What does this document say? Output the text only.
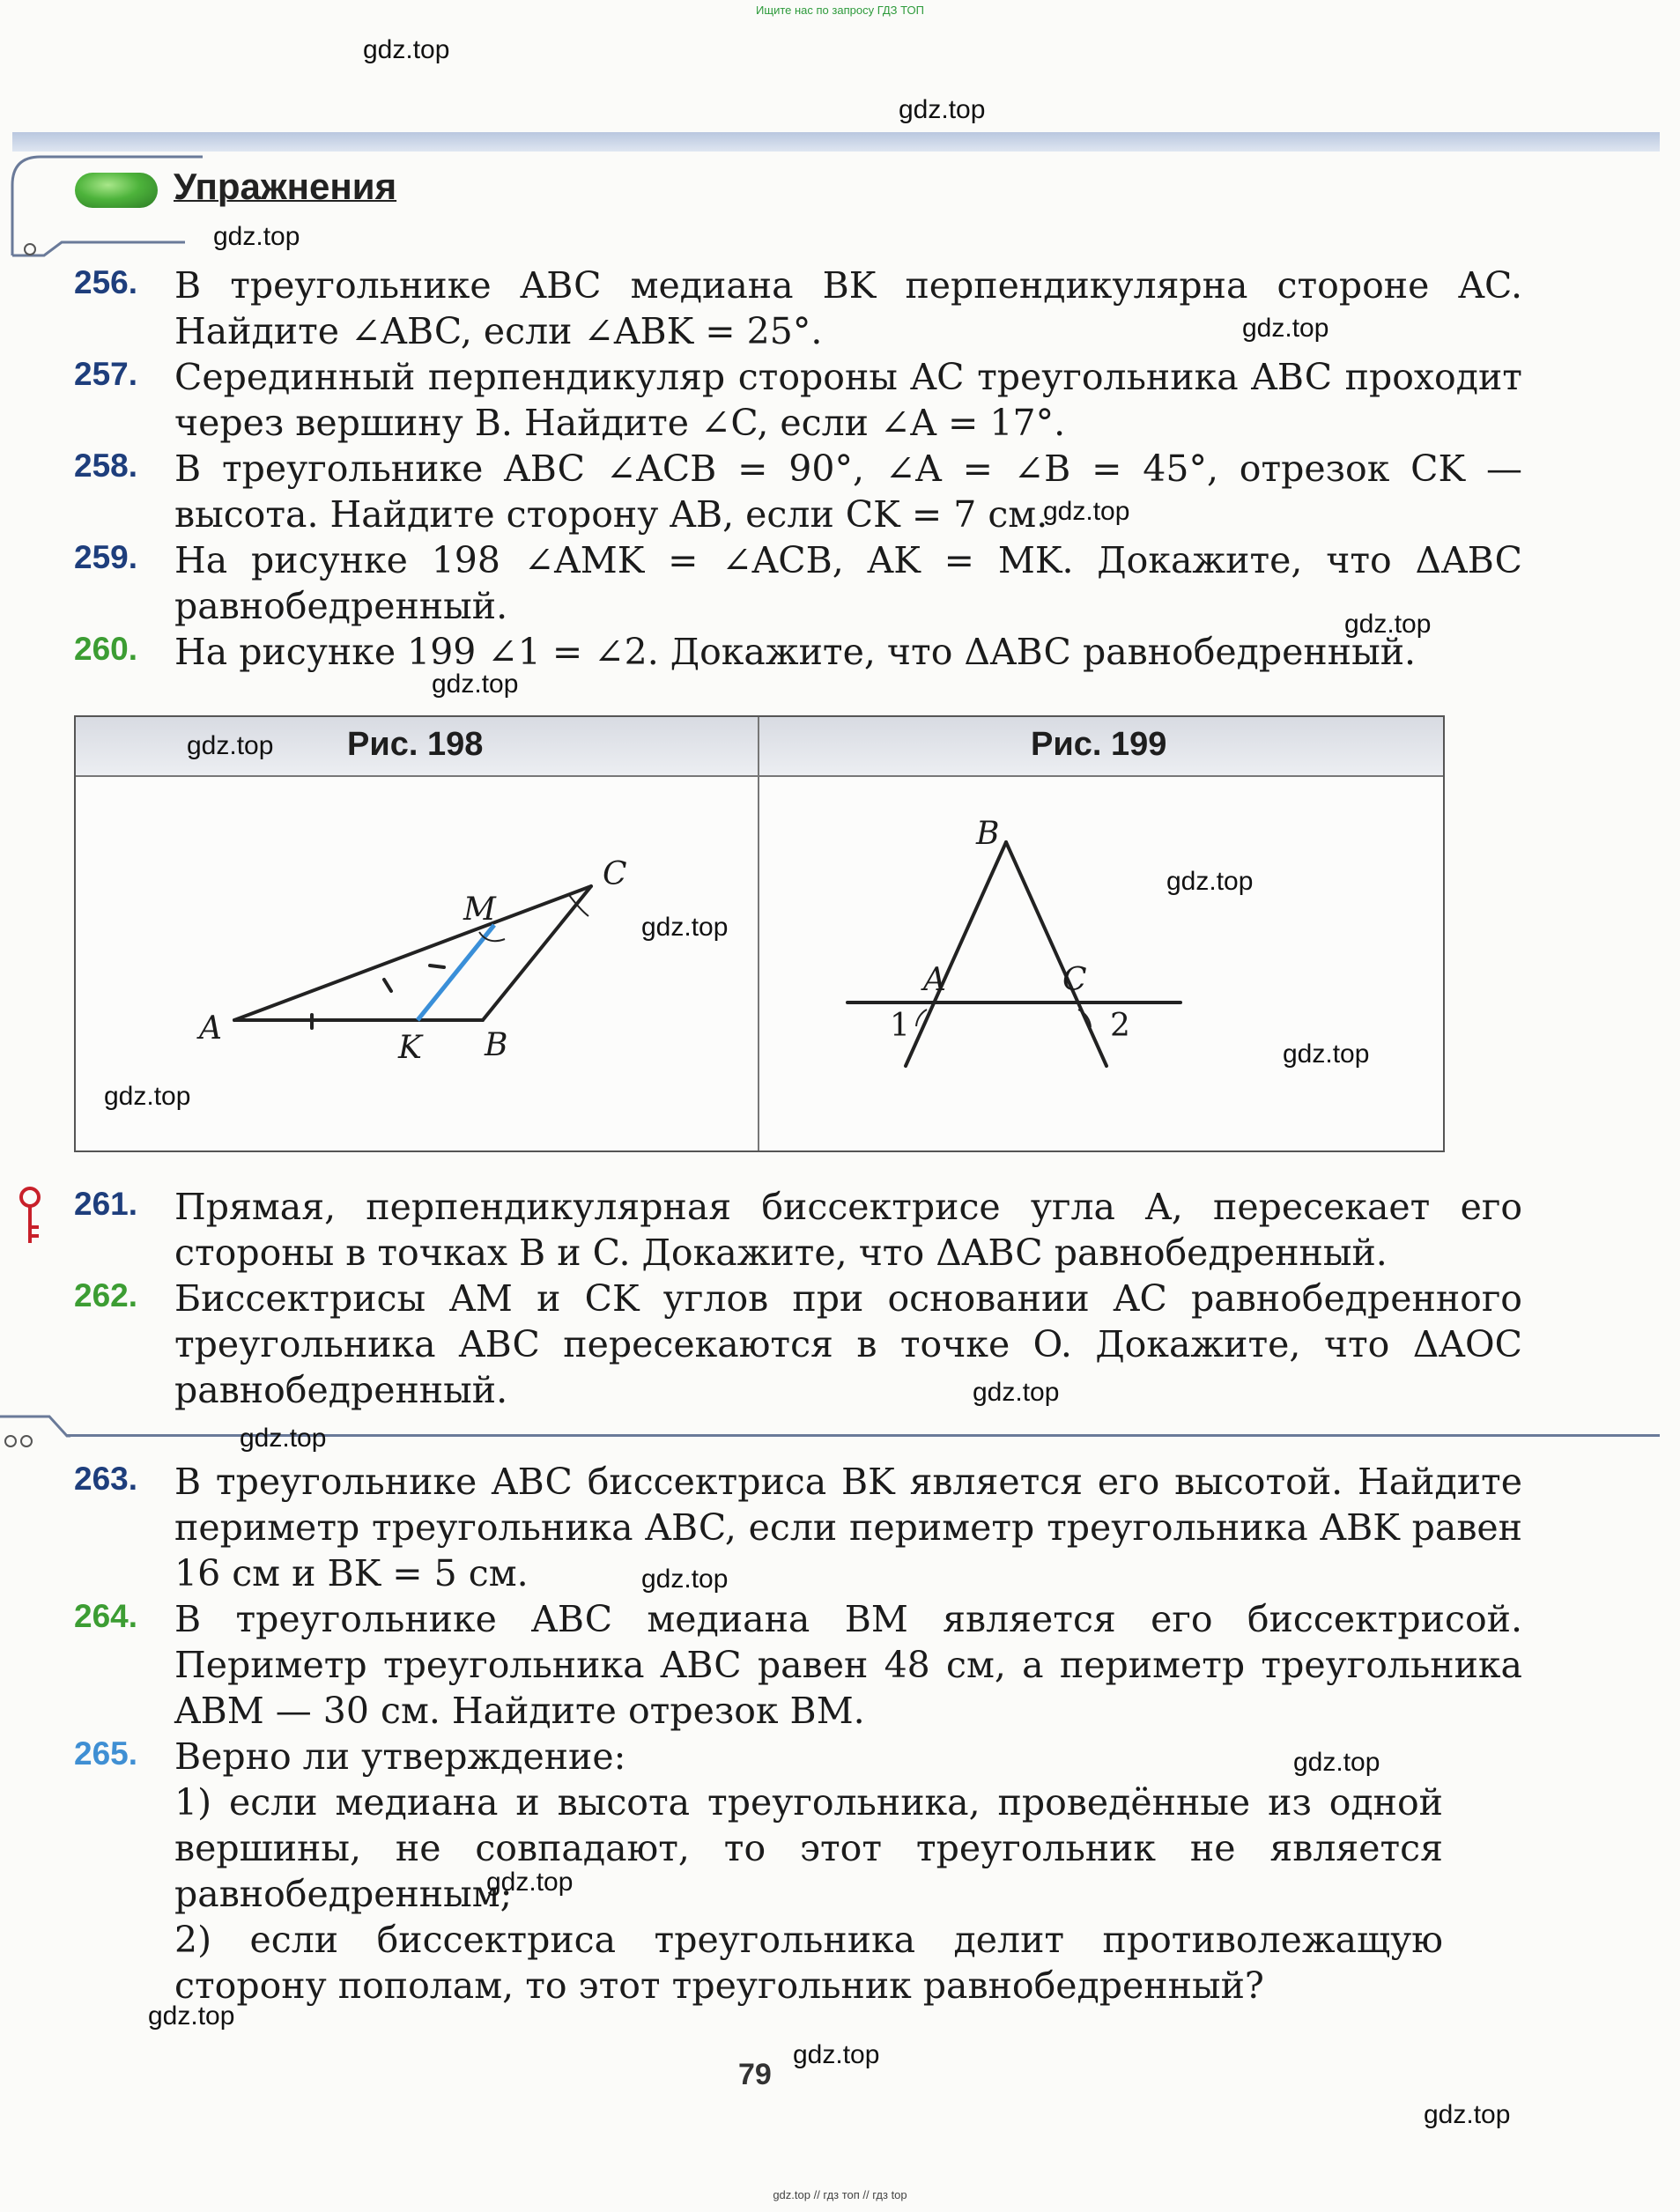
Ищите нас по запросу ГДЗ ТОП
Упражнения
256. В треугольнике ABC медиана BK перпендикулярна стороне AC. Найдите ∠ABC, если ∠ABK = 25°.
257. Серединный перпендикуляр стороны AC треугольника ABC проходит через вершину B. Найдите ∠C, если ∠A = 17°.
258. В треугольнике ABC ∠ACB = 90°, ∠A = ∠B = 45°, отрезок CK — высота. Найдите сторону AB, если CK = 7 см.
259. На рисунке 198 ∠AMK = ∠ACB, AK = MK. Докажите, что ΔABC равнобедренный.
260. На рисунке 199 ∠1 = ∠2. Докажите, что ΔABC равнобедренный.
Рис. 198	Рис. 199
A
K B
M
C
B
A	C
1	2
261. Прямая, перпендикулярная биссектрисе угла A, пересекает его стороны в точках B и C. Докажите, что ΔABC равнобедренный.
262. Биссектрисы AM и CK углов при основании AC равнобедренного треугольника ABC пересекаются в точке O. Докажите, что ΔAOC равнобедренный.
263. В треугольнике ABC биссектриса BK является его высотой. Найдите периметр треугольника ABC, если периметр треугольника ABK равен 16 см и BK = 5 см.
264. В треугольнике ABC медиана BM является его биссектрисой. Периметр треугольника ABC равен 48 см, а периметр треугольника ABM — 30 см. Найдите отрезок BM.
265. Верно ли утверждение:
1) если медиана и высота треугольника, проведённые из одной вершины, не совпадают, то этот треугольник не является равнобедренным;
2) если биссектриса треугольника делит противолежащую сторону пополам, то этот треугольник равнобедренный?
79
gdz.top
gdz.top
gdz.top
gdz.top
gdz.top
gdz.top
gdz.top
gdz.top
gdz.top
gdz.top
gdz.top
gdz.top
gdz.top
gdz.top
gdz.top
gdz.top
gdz.top
gdz.top
gdz.top
gdz.top
gdz.top // гдз топ // гдз top
